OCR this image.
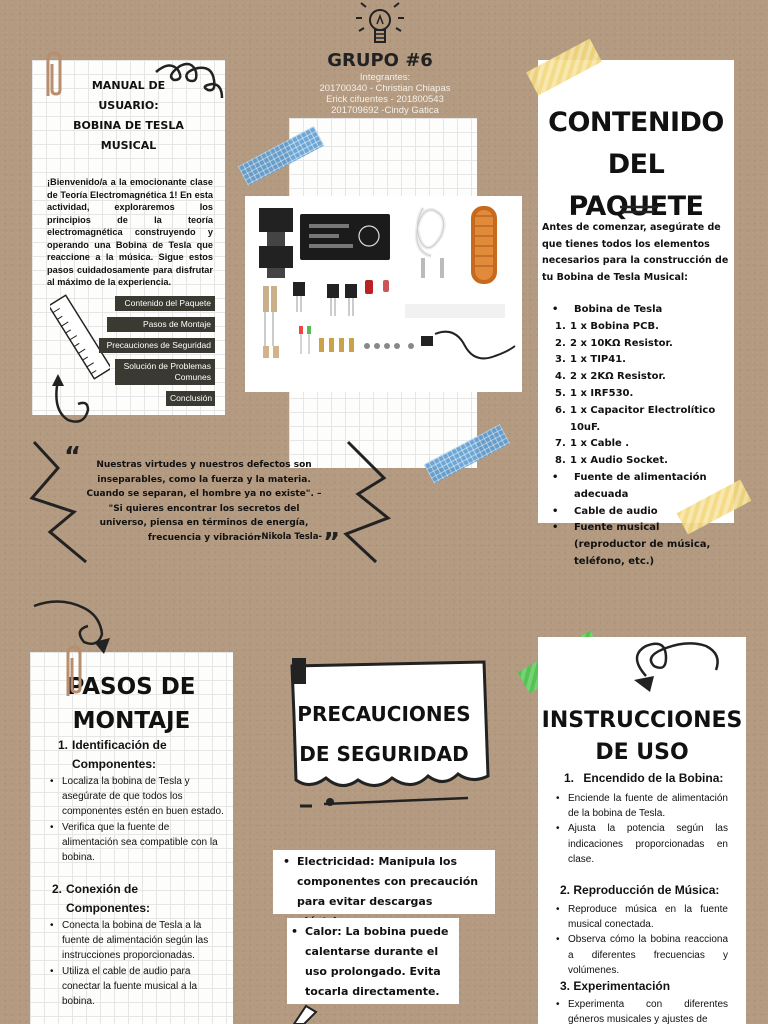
GRUPO #6
Integrantes:
201700340 - Christian Chiapas
Erick cifuentes - 201800543
201709692 -Cindy Gatica
MANUAL DE
USUARIO:
BOBINA DE TESLA
MUSICAL
¡Bienvenido/a a la emocionante clase de Teoría Electromagnética 1! En esta actividad, exploraremos los principios de la teoría electromagnética construyendo y operando una Bobina de Tesla que reaccione a la música. Sigue estos pasos cuidadosamente para disfrutar al máximo de la experiencia.
Contenido del Paquete
Pasos de Montaje
Precauciones de Seguridad
Solución de Problemas Comunes
Conclusión
CONTENIDO
DEL PAQUETE
Antes de comenzar, asegúrate de que tienes todos los elementos necesarios para la construcción de tu Bobina de Tesla Musical:
• Bobina de Tesla
1. 1 x Bobina PCB.
2. 2 x 10KΩ Resistor.
3. 1 x TIP41.
4. 2 x 2KΩ Resistor.
5. 1 x IRF530.
6. 1 x Capacitor Electrolítico 10uF.
7. 1 x Cable .
8. 1 x Audio Socket.
• Fuente de alimentación adecuada
• Cable de audio
• Fuente musical (reproductor de música, teléfono, etc.)
“
”
Nuestras virtudes y nuestros defectos son inseparables, como la fuerza y la materia. Cuando se separan, el hombre ya no existe". – "Si quieres encontrar los secretos del universo, piensa en términos de energía, frecuencia y vibración
-Nikola Tesla-
PASOS DE
MONTAJE
1. Identificación de
Componentes:
• Localiza la bobina de Tesla y asegúrate de que todos los componentes estén en buen estado.
• Verifica que la fuente de alimentación sea compatible con la bobina.
2. Conexión de
Componentes:
• Conecta la bobina de Tesla a la fuente de alimentación según las instrucciones proporcionadas.
• Utiliza el cable de audio para conectar la fuente musical a la bobina.
PRECAUCIONES
DE SEGURIDAD
• Electricidad: Manipula los componentes con precaución para evitar descargas
• Calor: La bobina puede calentarse durante el uso prolongado. Evita tocarla directamente.
INSTRUCCIONES
DE USO
1. Encendido de la Bobina:
• Enciende la fuente de alimentación de la bobina de Tesla.
• Ajusta la potencia según las indicaciones proporcionadas en clase.
2. Reproducción de Música:
• Reproduce música en la fuente musical conectada.
• Observa cómo la bobina reacciona a diferentes frecuencias y volúmenes.
3. Experimentación
• Experimenta con diferentes géneros musicales y ajustes de
